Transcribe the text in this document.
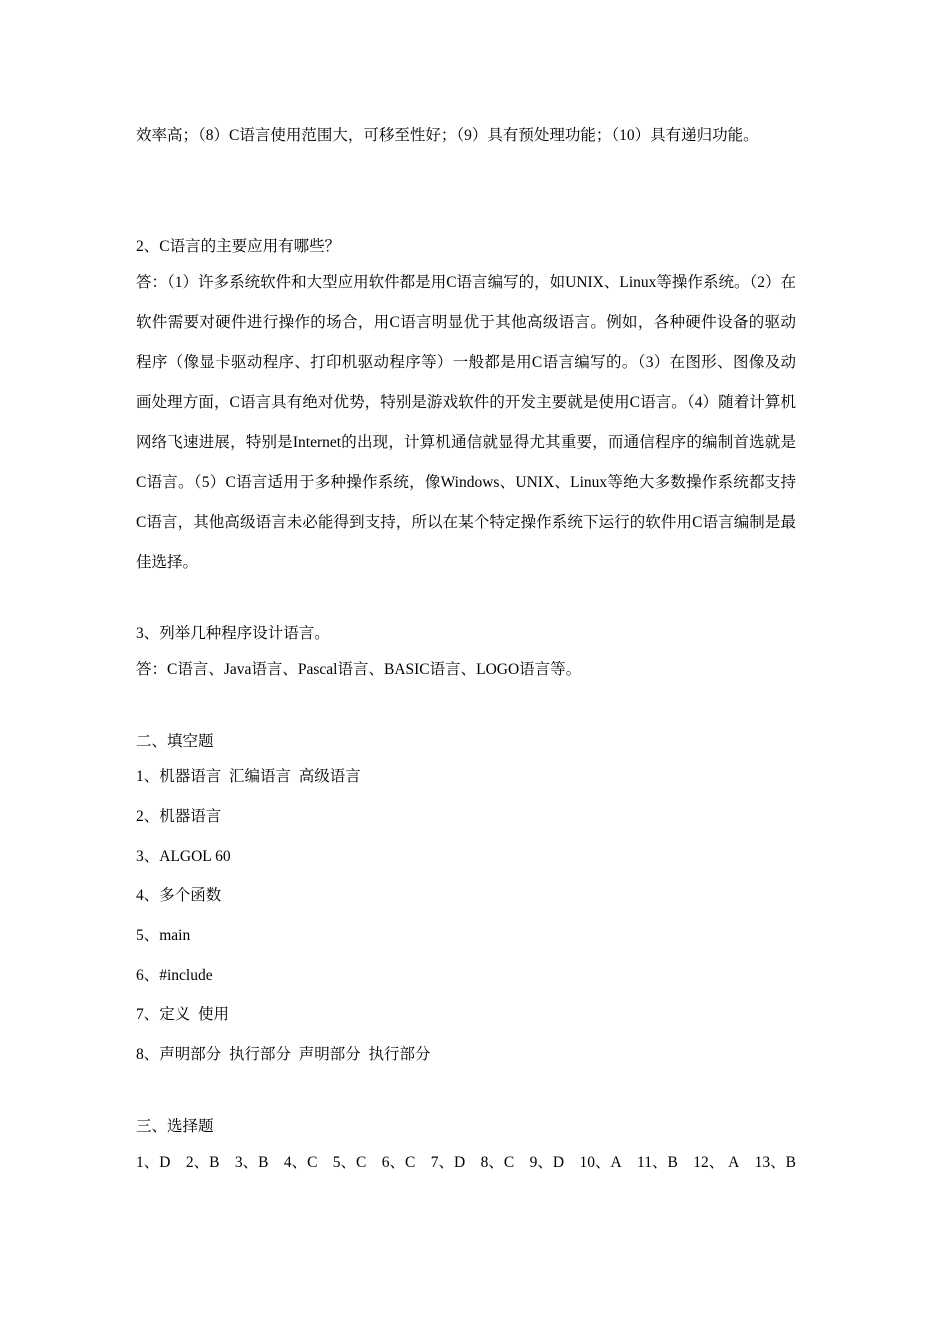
效率高；（8）C语言使用范围大，可移至性好；（9）具有预处理功能；（10）具有递归功能。

2、C语言的主要应用有哪些？

答：（1）许多系统软件和大型应用软件都是用C语言编写的，如UNIX、Linux等操作系统。（2）在软件需要对硬件进行操作的场合，用C语言明显优于其他高级语言。例如，各种硬件设备的驱动程序（像显卡驱动程序、打印机驱动程序等）一般都是用C语言编写的。（3）在图形、图像及动画处理方面，C语言具有绝对优势，特别是游戏软件的开发主要就是使用C语言。（4）随着计算机网络飞速进展，特别是Internet的出现，计算机通信就显得尤其重要，而通信程序的编制首选就是C语言。（5）C语言适用于多种操作系统，像Windows、UNIX、Linux等绝大多数操作系统都支持C语言，其他高级语言未必能得到支持，所以在某个特定操作系统下运行的软件用C语言编制是最佳选择。

3、列举几种程序设计语言。

答：C语言、Java语言、Pascal语言、BASIC语言、LOGO语言等。

二、填空题

1、机器语言  汇编语言  高级语言

2、机器语言

3、ALGOL 60

4、多个函数

5、main

6、#include

7、定义  使用

8、声明部分  执行部分  声明部分  执行部分

三、选择题

1、D 2、B 3、B 4、C 5、C 6、C 7、D 8、C 9、D 10、A 11、B 12、 A 13、B
